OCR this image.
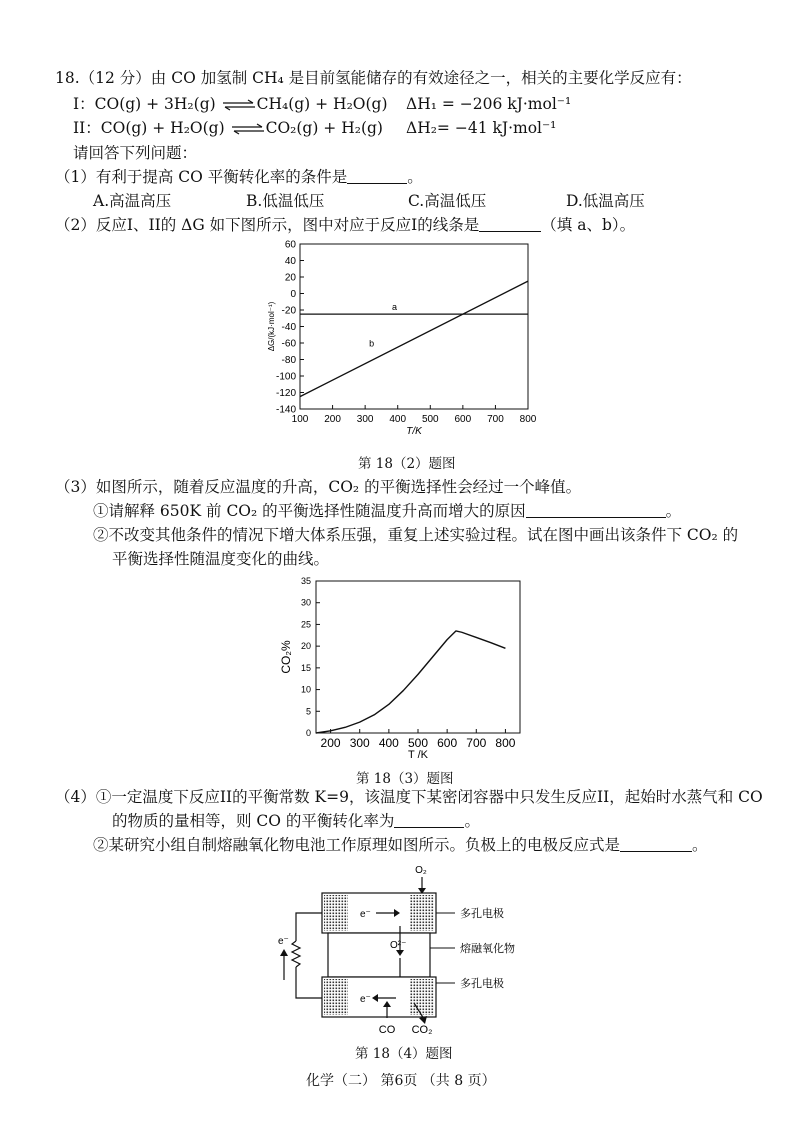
18.（12 分）由 CO 加氢制 CH₄ 是目前氢能储存的有效途径之一，相关的主要化学反应有：
I：CO(g) + 3H₂(g) ⇌CH₄(g) + H₂O(g) ΔH₁ = −206 kJ·mol⁻¹
II：CO(g) + H₂O(g) ⇌CO₂(g) + H₂(g) ΔH₂= −41 kJ·mol⁻¹
请回答下列问题：
（1）有利于提高 CO 平衡转化率的条件是	。
A.高温高压	B.低温低压	C.高温低压	D.低温高压
（2）反应I、II的 ΔG 如下图所示，图中对应于反应I的线条是	（填 a、b）。
100 200 300 400 500 600 700 800
60
40
20
0
-20
-40
-60
-80
-100
-120
-140
a
b
T/K
ΔG/(kJ·mol⁻¹)
第 18（2）题图
（3）如图所示，随着反应温度的升高，CO₂ 的平衡选择性会经过一个峰值。
①请解释 650K 前 CO₂ 的平衡选择性随温度升高而增大的原因	。
②不改变其他条件的情况下增大体系压强，重复上述实验过程。试在图中画出该条件下 CO₂ 的
平衡选择性随温度变化的曲线。
200 300 400 500 600 700 800
0
5
10
15
20
25
30
35
T /K
CO₂%
第 18（3）题图
（4）①一定温度下反应II的平衡常数 K=9，该温度下某密闭容器中只发生反应II，起始时水蒸气和 CO
的物质的量相等，则 CO 的平衡转化率为	。
②某研究小组自制熔融氧化物电池工作原理如图所示。负极上的电极反应式是	。
O₂
e⁻
O²⁻
e⁻
e⁻
CO CO₂
多孔电极
熔融氧化物
多孔电极
第 18（4）题图
化学（二） 第6页 （共 8 页）
